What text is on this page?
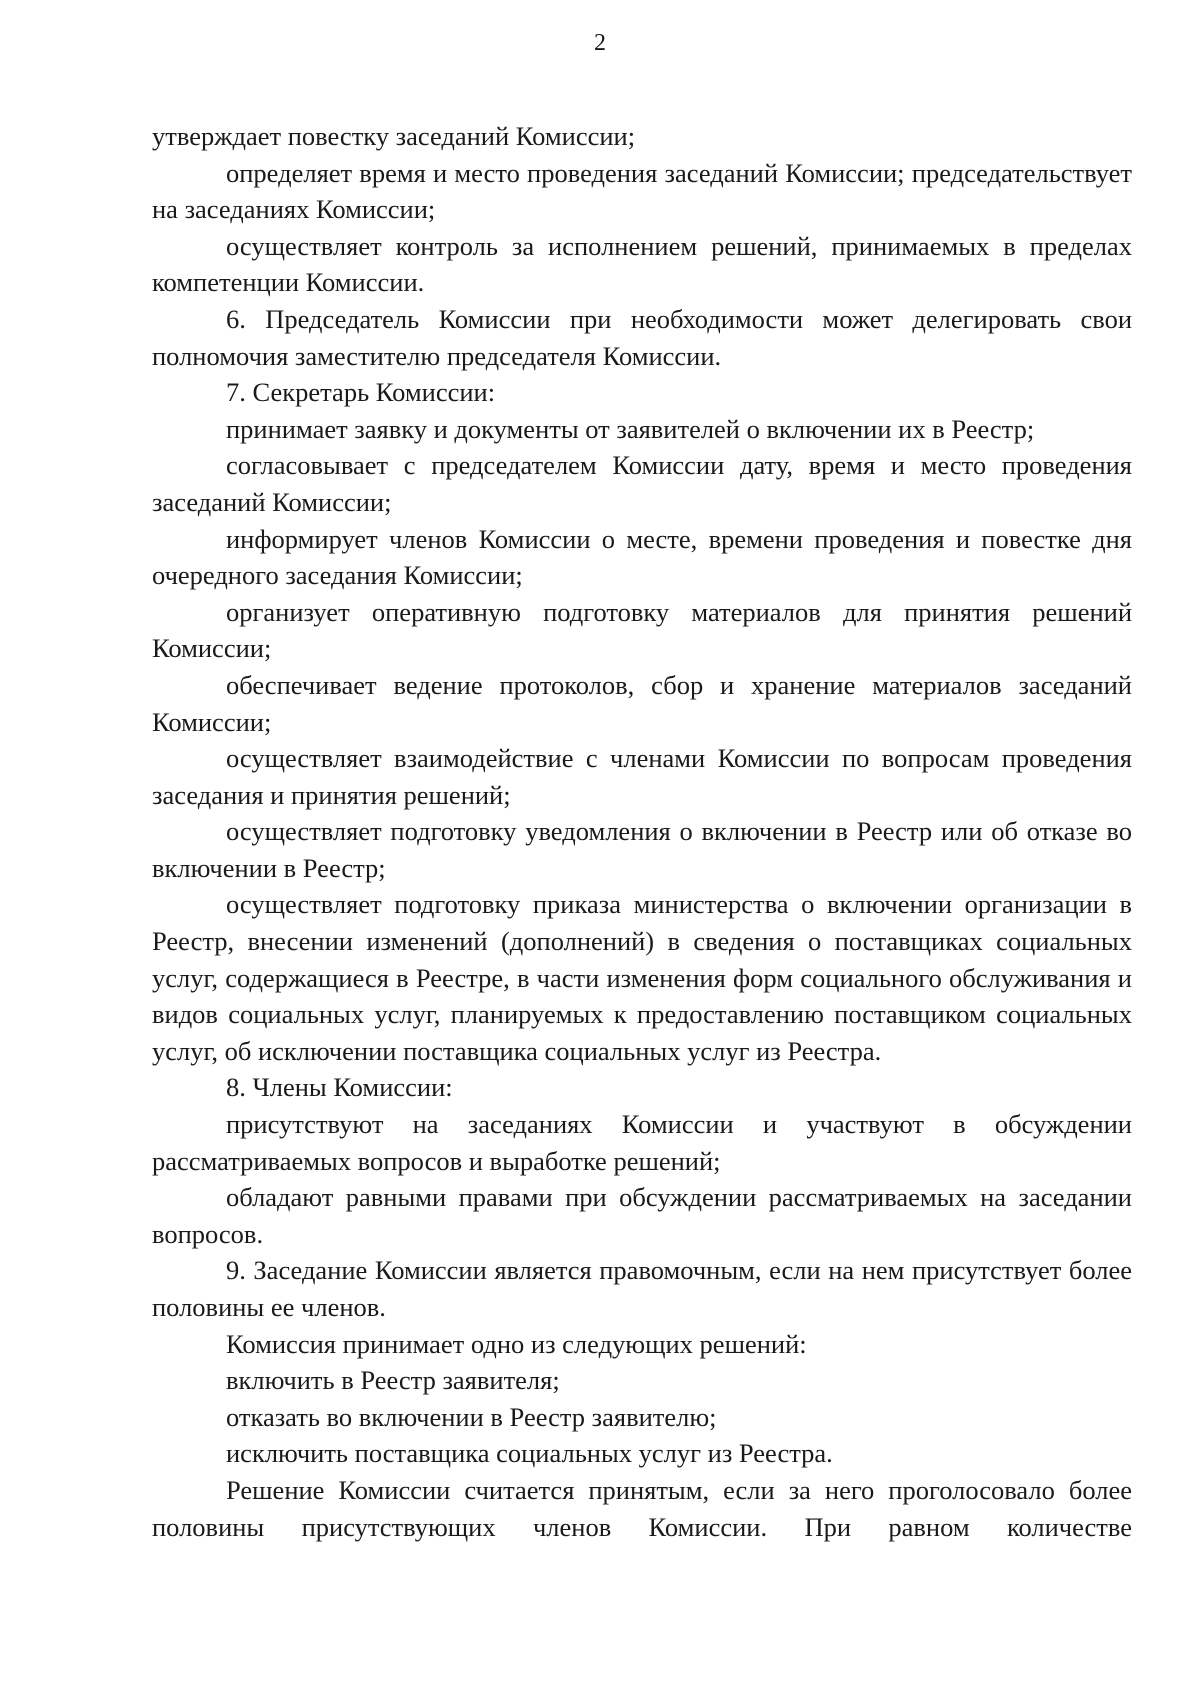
2

утверждает повестку заседаний Комиссии;

определяет время и место проведения заседаний Комиссии; председательствует на заседаниях Комиссии;

осуществляет контроль за исполнением решений, принимаемых в пределах компетенции Комиссии.

6. Председатель Комиссии при необходимости может делегировать свои полномочия заместителю председателя Комиссии.

7. Секретарь Комиссии:

принимает заявку и документы от заявителей о включении их в Реестр;

согласовывает с председателем Комиссии дату, время и место проведения заседаний Комиссии;

информирует членов Комиссии о месте, времени проведения и повестке дня очередного заседания Комиссии;

организует оперативную подготовку материалов для принятия решений Комиссии;

обеспечивает ведение протоколов, сбор и хранение материалов заседаний Комиссии;

осуществляет взаимодействие с членами Комиссии по вопросам проведения заседания и принятия решений;

осуществляет подготовку уведомления о включении в Реестр или об отказе во включении в Реестр;

осуществляет подготовку приказа министерства о включении организации в Реестр, внесении изменений (дополнений) в сведения о поставщиках социальных услуг, содержащиеся в Реестре, в части изменения форм социального обслуживания и видов социальных услуг, планируемых к предоставлению поставщиком социальных услуг, об исключении поставщика социальных услуг из Реестра.

8. Члены Комиссии:

присутствуют на заседаниях Комиссии и участвуют в обсуждении рассматриваемых вопросов и выработке решений;

обладают равными правами при обсуждении рассматриваемых на заседании вопросов.

9. Заседание Комиссии является правомочным, если на нем присутствует более половины ее членов.

Комиссия принимает одно из следующих решений:

включить в Реестр заявителя;

отказать во включении в Реестр заявителю;

исключить поставщика социальных услуг из Реестра.

Решение Комиссии считается принятым, если за него проголосовало более половины присутствующих членов Комиссии. При равном количестве
